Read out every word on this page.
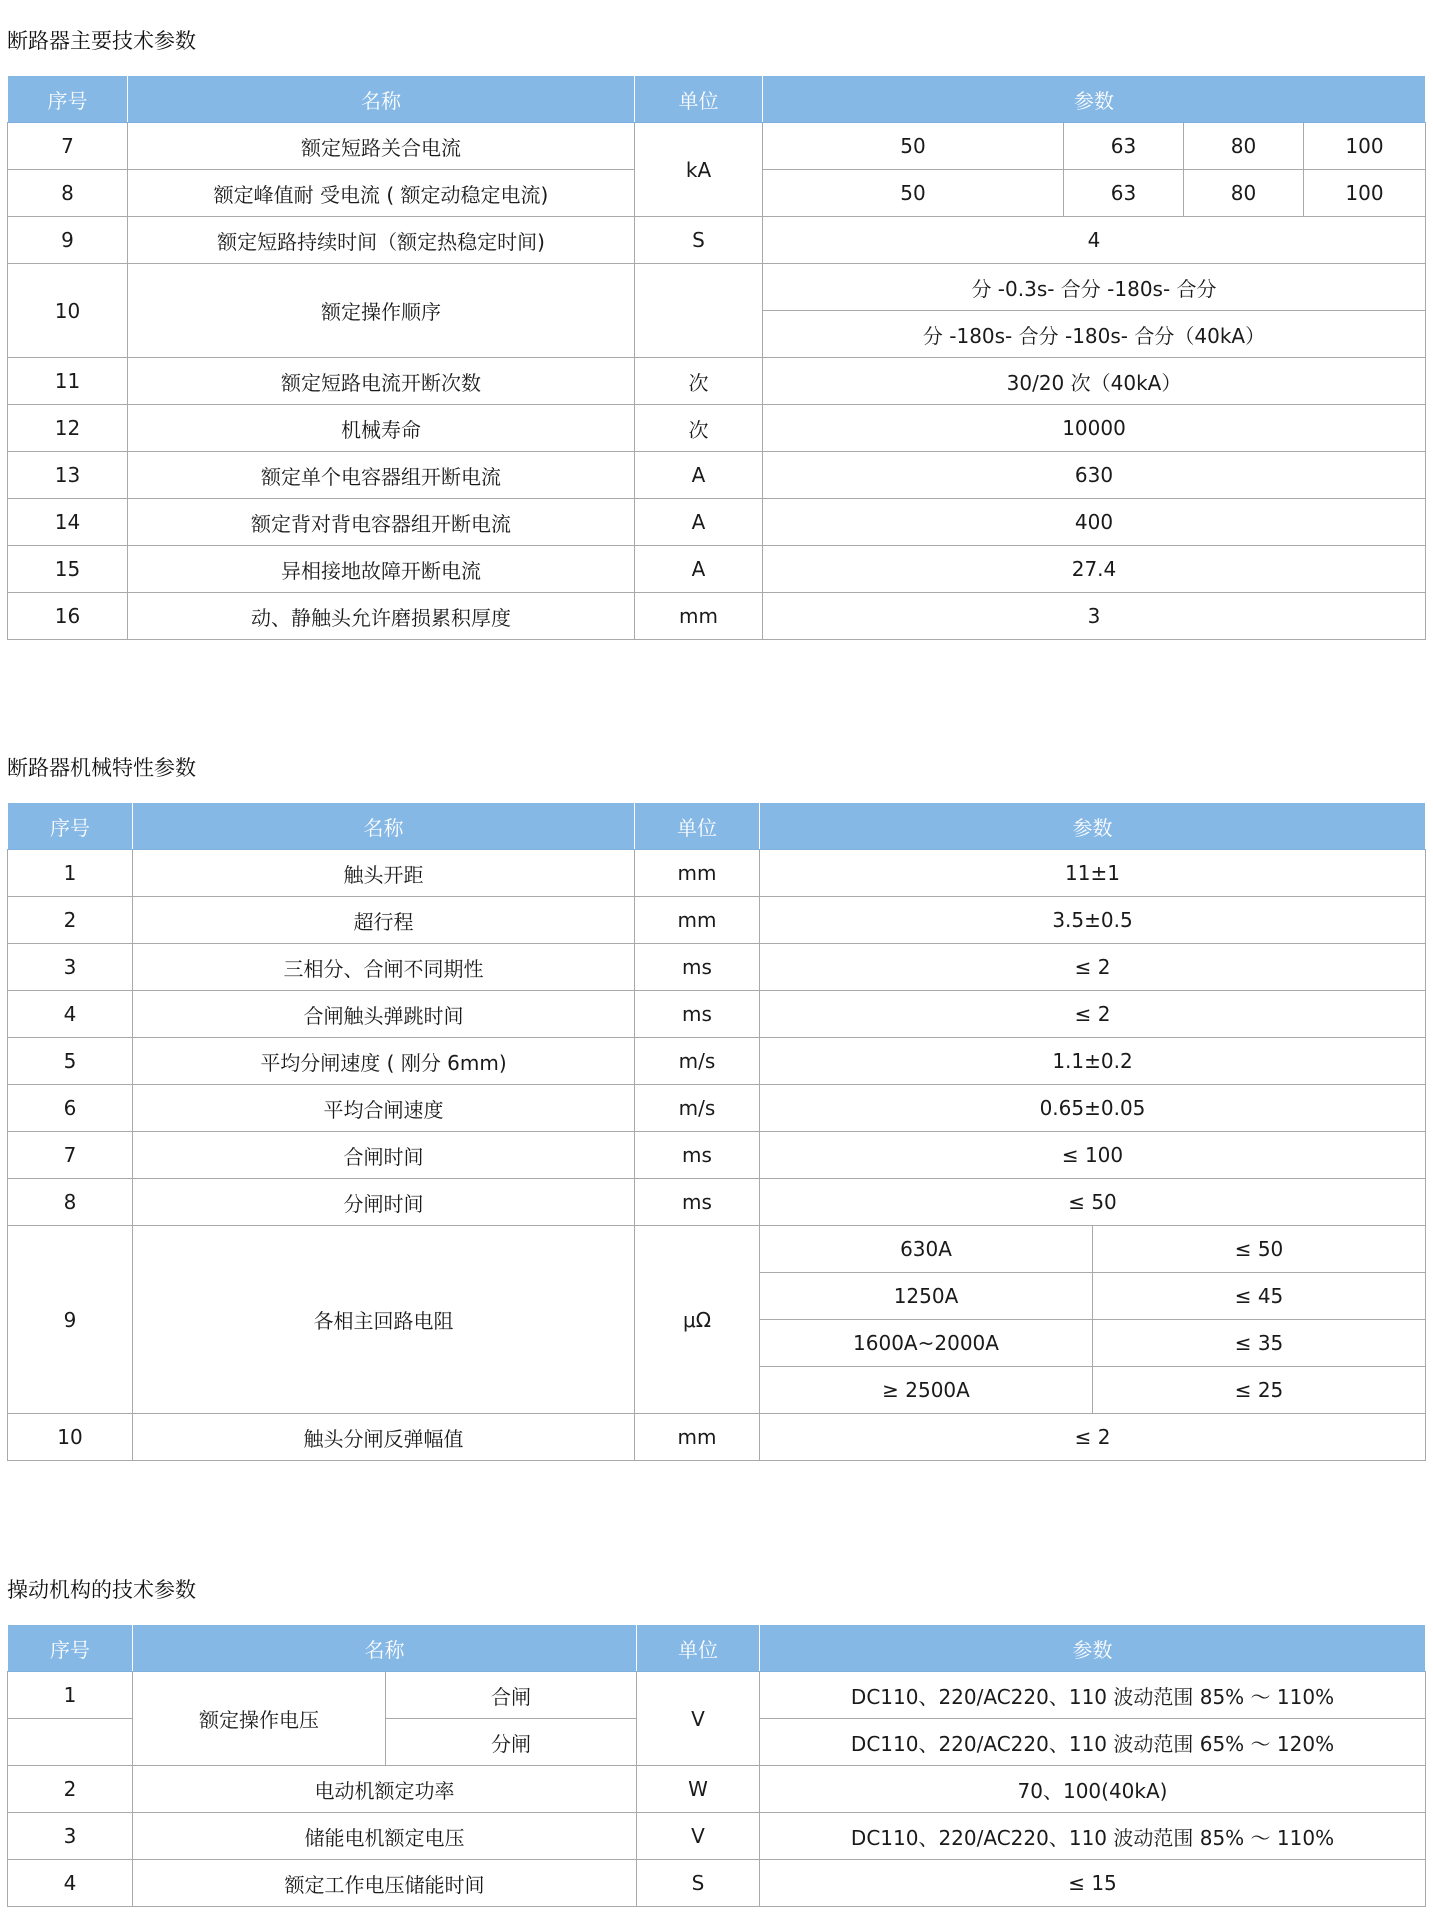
断路器主要技术参数
序号	名称	单位	参数			
7	额定短路关合电流	kA	50	63	80	100
8	额定峰值耐 受电流 ( 额定动稳定电流)		50	63	80	100
9	额定短路持续时间（额定热稳定时间)	S	4			
10	额定操作顺序		分 -0.3s- 合分 -180s- 合分			
			分 -180s- 合分 -180s- 合分（40kA）			
11	额定短路电流开断次数	次	30/20 次（40kA）			
12	机械寿命	次	10000			
13	额定单个电容器组开断电流	A	630			
14	额定背对背电容器组开断电流	A	400			
15	异相接地故障开断电流	A	27.4			
16	动、静触头允许磨损累积厚度	mm	3			
断路器机械特性参数
序号	名称	单位	参数	
1	触头开距	mm	11±1	
2	超行程	mm	3.5±0.5	
3	三相分、合闸不同期性	ms	≤ 2	
4	合闸触头弹跳时间	ms	≤ 2	
5	平均分闸速度 ( 刚分 6mm)	m/s	1.1±0.2	
6	平均合闸速度	m/s	0.65±0.05	
7	合闸时间	ms	≤ 100	
8	分闸时间	ms	≤ 50	
9	各相主回路电阻	μΩ	630A	≤ 50
			1250A	≤ 45
			1600A~2000A	≤ 35
			≥ 2500A	≤ 25
10	触头分闸反弹幅值	mm	≤ 2	
操动机构的技术参数
序号	名称		单位	参数
1	额定操作电压	合闸	V	DC110、220/AC220、110 波动范围 85% ～ 110%
		分闸		DC110、220/AC220、110 波动范围 65% ～ 120%
2	电动机额定功率		W	70、100(40kA)
3	储能电机额定电压		V	DC110、220/AC220、110 波动范围 85% ～ 110%
4	额定工作电压储能时间		S	≤ 15
